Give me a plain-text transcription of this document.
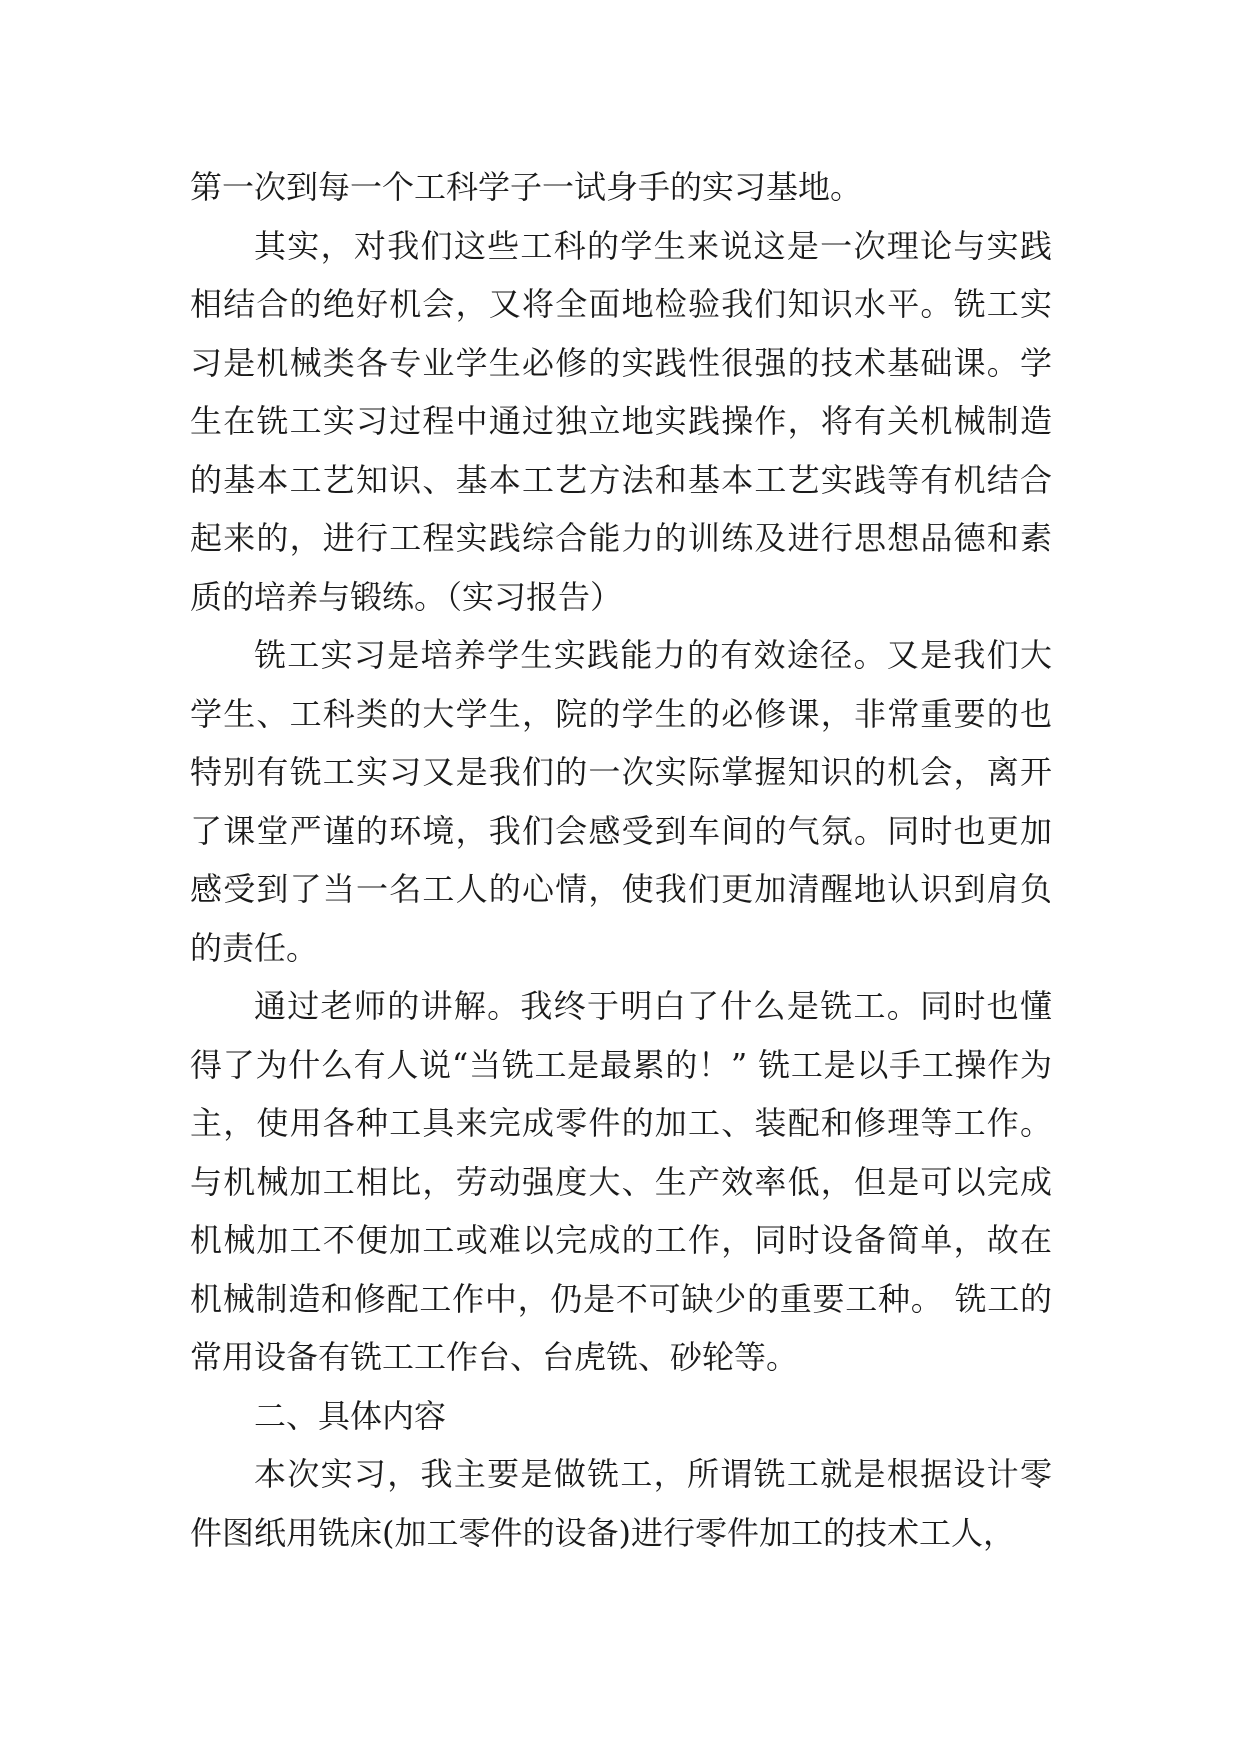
第一次到每一个工科学子一试身手的实习基地。

其实，对我们这些工科的学生来说这是一次理论与实践相结合的绝好机会，又将全面地检验我们知识水平。铣工实习是机械类各专业学生必修的实践性很强的技术基础课。学生在铣工实习过程中通过独立地实践操作，将有关机械制造的基本工艺知识、基本工艺方法和基本工艺实践等有机结合起来的，进行工程实践综合能力的训练及进行思想品德和素质的培养与锻练。（实习报告）

铣工实习是培养学生实践能力的有效途径。又是我们大学生、工科类的大学生，院的学生的必修课，非常重要的也特别有铣工实习又是我们的一次实际掌握知识的机会，离开了课堂严谨的环境，我们会感受到车间的气氛。同时也更加感受到了当一名工人的心情，使我们更加清醒地认识到肩负的责任。

通过老师的讲解。我终于明白了什么是铣工。同时也懂得了为什么有人说“当铣工是最累的！” 铣工是以手工操作为主，使用各种工具来完成零件的加工、装配和修理等工作。与机械加工相比，劳动强度大、生产效率低，但是可以完成机械加工不便加工或难以完成的工作，同时设备简单，故在机械制造和修配工作中，仍是不可缺少的重要工种。 铣工的常用设备有铣工工作台、台虎铣、砂轮等。

二、具体内容

本次实习，我主要是做铣工，所谓铣工就是根据设计零件图纸用铣床(加工零件的设备)进行零件加工的技术工人，
